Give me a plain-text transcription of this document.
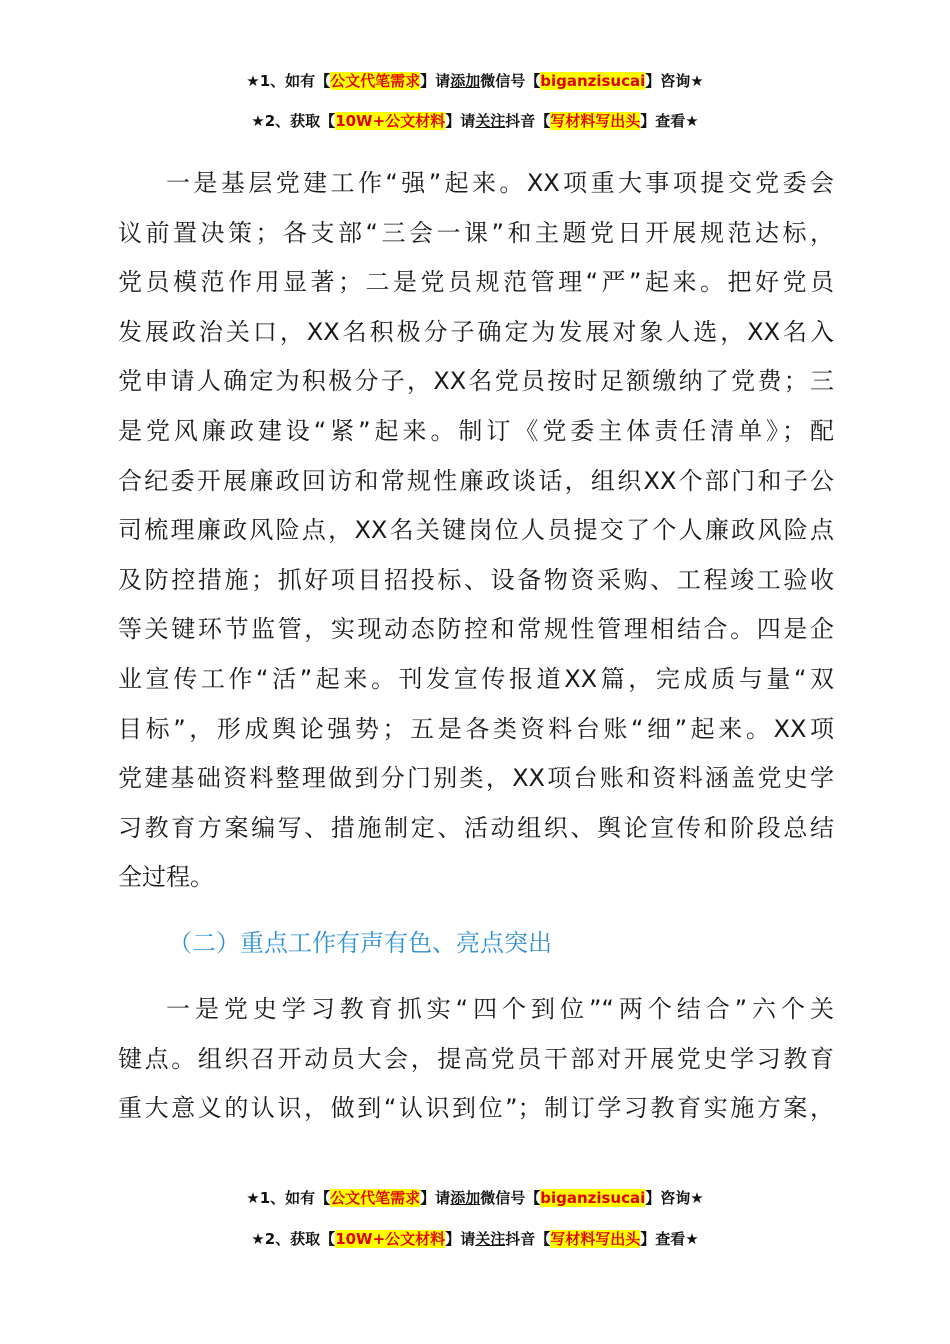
★1、如有【公文代笔需求】请添加微信号【biganzisucai】咨询★
★2、获取【10W+公文材料】请关注抖音【写材料写出头】查看★
一是基层党建工作“强”起来。XX项重大事项提交党委会
议前置决策；各支部“三会一课”和主题党日开展规范达标，
党员模范作用显著；二是党员规范管理“严”起来。把好党员
发展政治关口，XX名积极分子确定为发展对象人选，XX名入
党申请人确定为积极分子，XX名党员按时足额缴纳了党费；三
是党风廉政建设“紧”起来。制订《党委主体责任清单》；配
合纪委开展廉政回访和常规性廉政谈话，组织XX个部门和子公
司梳理廉政风险点，XX名关键岗位人员提交了个人廉政风险点
及防控措施；抓好项目招投标、设备物资采购、工程竣工验收
等关键环节监管，实现动态防控和常规性管理相结合。四是企
业宣传工作“活”起来。刊发宣传报道XX篇，完成质与量“双
目标”，形成舆论强势；五是各类资料台账“细”起来。XX项
党建基础资料整理做到分门别类，XX项台账和资料涵盖党史学
习教育方案编写、措施制定、活动组织、舆论宣传和阶段总结
全过程。
（二）重点工作有声有色、亮点突出
一是党史学习教育抓实“四个到位”“两个结合”六个关
键点。组织召开动员大会，提高党员干部对开展党史学习教育
重大意义的认识，做到“认识到位”；制订学习教育实施方案，
★1、如有【公文代笔需求】请添加微信号【biganzisucai】咨询★
★2、获取【10W+公文材料】请关注抖音【写材料写出头】查看★
